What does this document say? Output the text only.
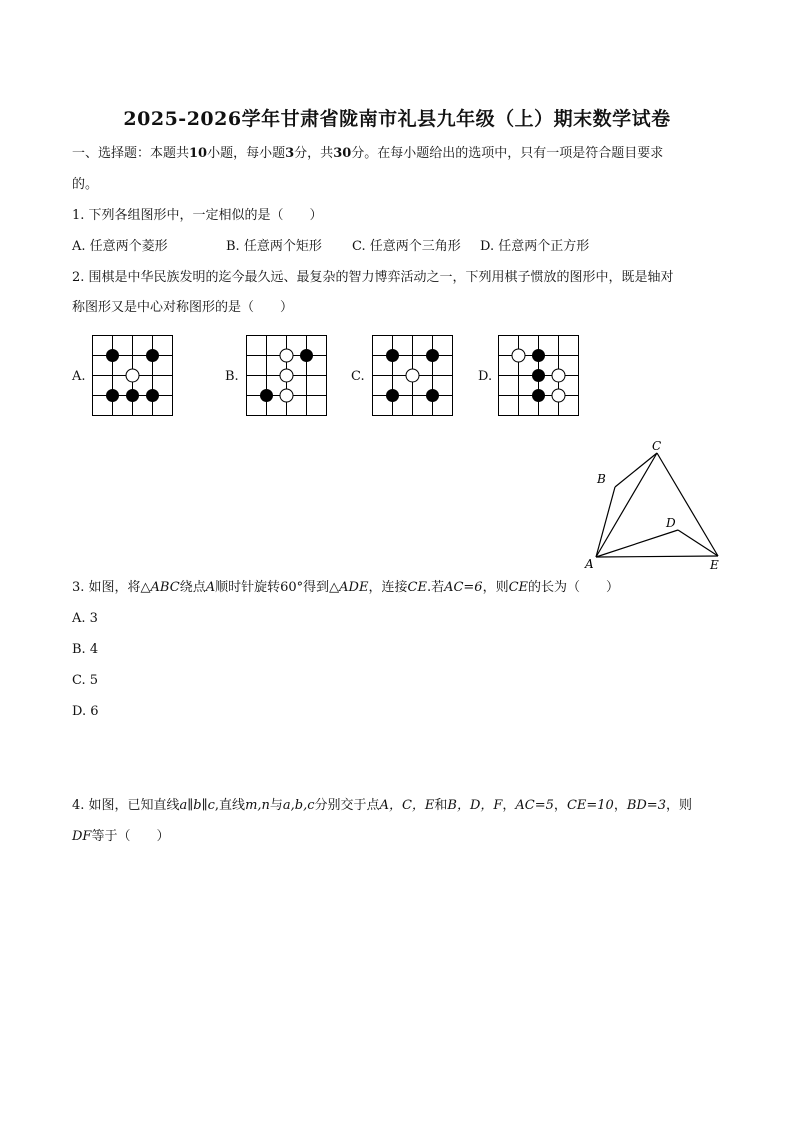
2025-2026学年甘肃省陇南市礼县九年级（上）期末数学试卷
一、选择题：本题共10小题，每小题3分，共30分。在每小题给出的选项中，只有一项是符合题目要求
的。
1. 下列各组图形中，一定相似的是（　　）
A. 任意两个菱形	B. 任意两个矩形 C. 任意两个三角形 D. 任意两个正方形
2. 围棋是中华民族发明的迄今最久远、最复杂的智力博弈活动之一，下列用棋子惯放的图形中，既是轴对
称图形又是中心对称图形的是（　　）
A.	B.	C.	D.
A
B
C
D
E
3. 如图，将△ABC绕点A顺时针旋转60°得到△ADE，连接CE.若AC=6，则CE的长为（　　）
A. 3
B. 4
C. 5
D. 6
4. 如图，已知直线a∥b∥c,直线m,n与a,b,c分别交于点A，C，E和B，D，F，AC=5，CE=10，BD=3，则
DF等于（　　）
